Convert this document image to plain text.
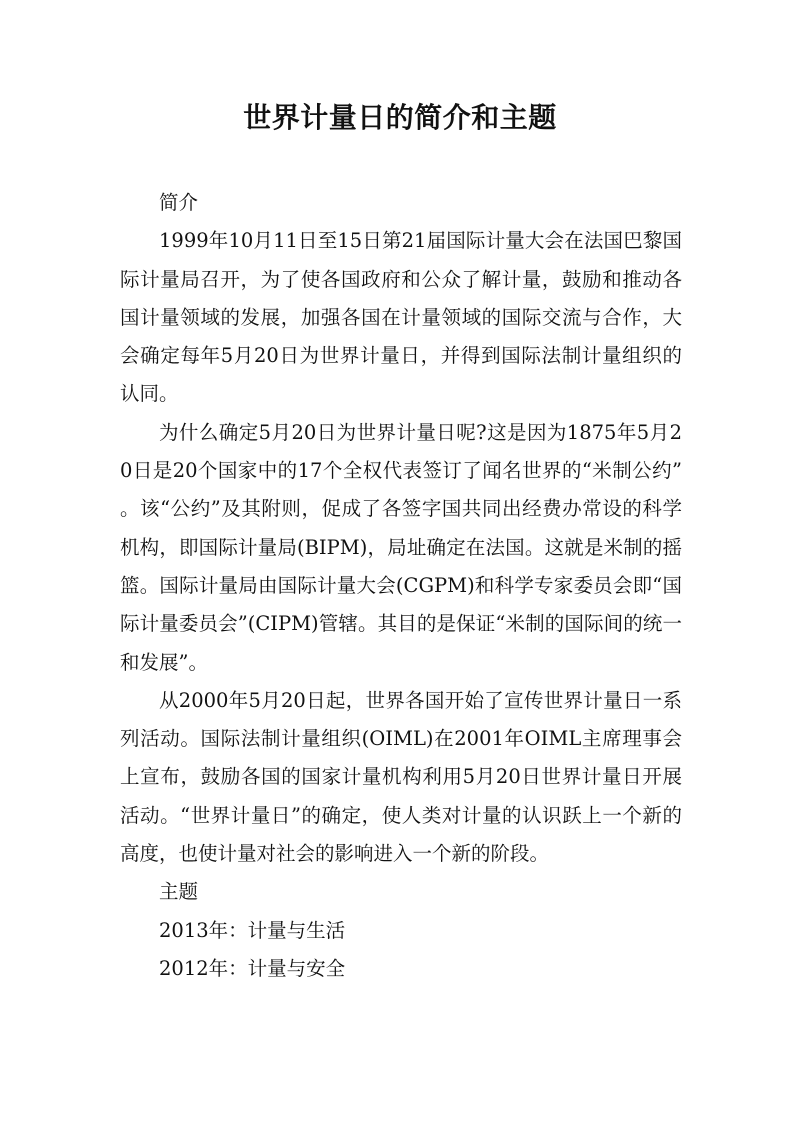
世界计量日的简介和主题

简介

1999年10月11日至15日第21届国际计量大会在法国巴黎国际计量局召开，为了使各国政府和公众了解计量，鼓励和推动各国计量领域的发展，加强各国在计量领域的国际交流与合作，大会确定每年5月20日为世界计量日，并得到国际法制计量组织的认同。

为什么确定5月20日为世界计量日呢?这是因为1875年5月20日是20个国家中的17个全权代表签订了闻名世界的“米制公约”。该“公约”及其附则，促成了各签字国共同出经费办常设的科学机构，即国际计量局(BIPM)，局址确定在法国。这就是米制的摇篮。国际计量局由国际计量大会(CGPM)和科学专家委员会即“国际计量委员会”(CIPM)管辖。其目的是保证“米制的国际间的统一和发展”。

从2000年5月20日起，世界各国开始了宣传世界计量日一系列活动。国际法制计量组织(OIML)在2001年OIML主席理事会上宣布，鼓励各国的国家计量机构利用5月20日世界计量日开展活动。“世界计量日”的确定，使人类对计量的认识跃上一个新的高度，也使计量对社会的影响进入一个新的阶段。

主题

2013年：计量与生活

2012年：计量与安全
